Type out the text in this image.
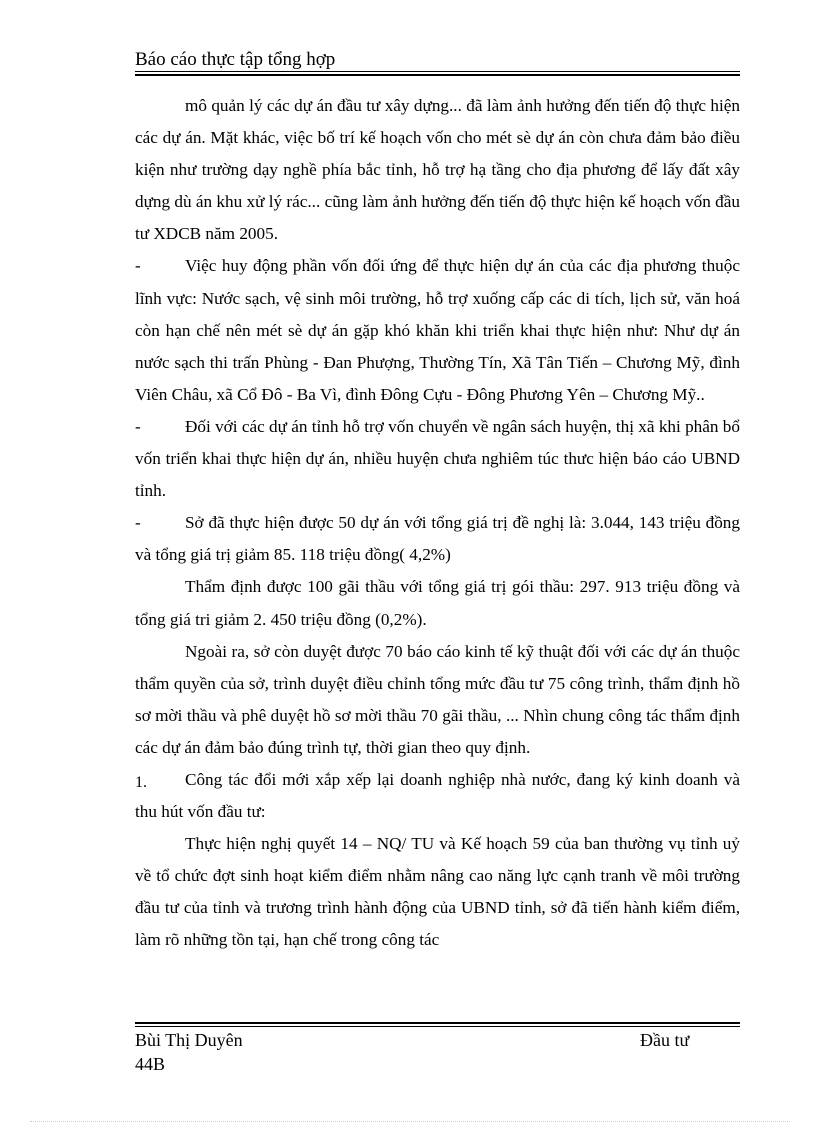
Báo cáo thực tập tổng hợp

mô quản lý các dự án đầu tư xây dựng... đã làm ảnh hưởng đến tiến độ thực hiện các dự án. Mặt khác, việc bố trí kế hoạch vốn cho mét sè dự án còn chưa đảm bảo điều kiện như trường dạy nghề phía bắc tỉnh, hỗ trợ hạ tầng cho địa phương để lấy đất xây dựng dù án khu xử lý rác... cũng làm ảnh hưởng đến tiến độ thực hiện kế hoạch vốn đầu tư XDCB năm 2005.

-	Việc huy động phần vốn đối ứng để thực hiện dự án của các địa phương thuộc lĩnh vực: Nước sạch, vệ sinh môi trường, hỗ trợ xuống cấp các di tích, lịch sử, văn hoá còn hạn chế nên mét sè dự án gặp khó khăn khi triển khai thực hiện như: Như dự án nước sạch thi trấn Phùng - Đan Phượng, Thường Tín, Xã Tân Tiến – Chương Mỹ, đình Viên Châu, xã Cổ Đô - Ba Vì, đình Đông Cựu - Đông Phương Yên – Chương Mỹ..

-	Đối với các dự án tỉnh hỗ trợ vốn chuyển về ngân sách huyện, thị xã khi phân bổ vốn triển khai thực hiện dự án, nhiều huyện chưa nghiêm túc thưc hiện báo cáo UBND tỉnh.

-	Sở đã thực hiện được 50 dự án với tổng giá trị đề nghị là: 3.044, 143 triệu đồng và tổng giá trị giảm 85. 118 triệu đồng( 4,2%)

Thẩm định được 100 gãi thầu với tổng giá trị gói thầu: 297. 913 triệu đồng và tổng giá tri giảm 2. 450 triệu đồng (0,2%).

Ngoài ra, sở còn duyệt được 70 báo cáo kinh tế kỹ thuật đối với các dự án thuộc thẩm quyền của sở, trình duyệt điều chỉnh tổng mức đầu tư 75 công trình, thẩm định hồ sơ mời thầu và phê duyệt hồ sơ mời thầu 70 gãi thầu, ... Nhìn chung công tác thẩm định các dự án đảm bảo đúng trình tự, thời gian theo quy định.

1. Công tác đổi mới xắp xếp lại doanh nghiệp nhà nước, đang ký kinh doanh và thu hút vốn đầu tư:

Thực hiện nghị quyết 14 – NQ/ TU và Kế hoạch 59 của ban thường vụ tỉnh uỷ về tổ chức đợt sinh hoạt kiểm điểm nhằm nâng cao năng lực cạnh tranh về môi trường đầu tư của tỉnh và trương trình hành động của UBND tỉnh, sở đã tiến hành kiểm điểm, làm rõ những tồn tại, hạn chế trong công tác

Bùi Thị Duyên	Đầu tư
44B
